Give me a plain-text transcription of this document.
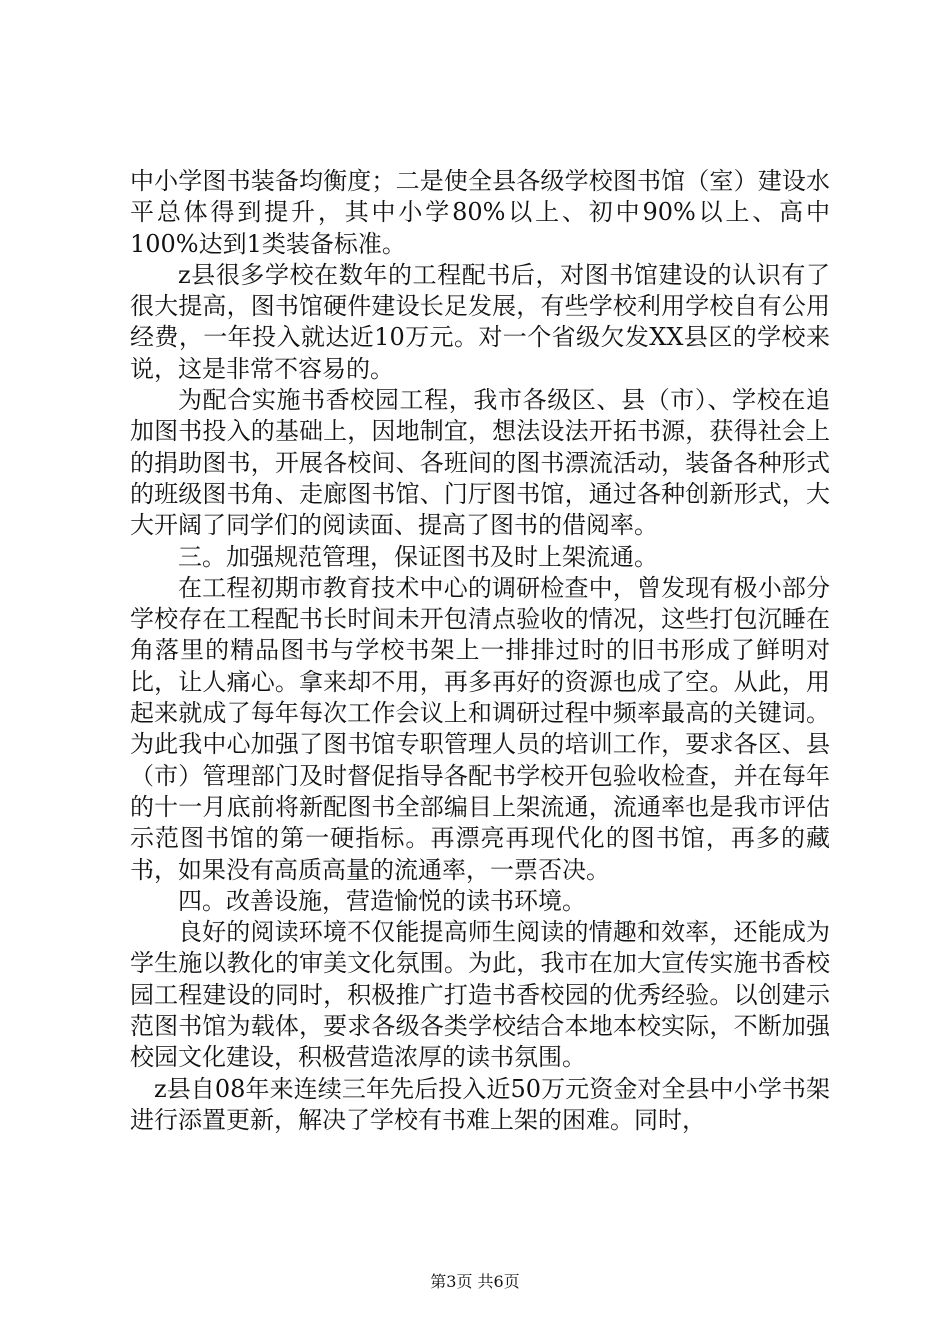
中小学图书装备均衡度；二是使全县各级学校图书馆（室）建设水平总体得到提升，其中小学80%以上、初中90%以上、高中100%达到1类装备标准。

z县很多学校在数年的工程配书后，对图书馆建设的认识有了很大提高，图书馆硬件建设长足发展，有些学校利用学校自有公用经费，一年投入就达近10万元。对一个省级欠发XX县区的学校来说，这是非常不容易的。

为配合实施书香校园工程，我市各级区、县（市）、学校在追加图书投入的基础上，因地制宜，想法设法开拓书源，获得社会上的捐助图书，开展各校间、各班间的图书漂流活动，装备各种形式的班级图书角、走廊图书馆、门厅图书馆，通过各种创新形式，大大开阔了同学们的阅读面、提高了图书的借阅率。

三。加强规范管理，保证图书及时上架流通。

在工程初期市教育技术中心的调研检查中，曾发现有极小部分学校存在工程配书长时间未开包清点验收的情况，这些打包沉睡在角落里的精品图书与学校书架上一排排过时的旧书形成了鲜明对比，让人痛心。拿来却不用，再多再好的资源也成了空。从此，用起来就成了每年每次工作会议上和调研过程中频率最高的关键词。为此我中心加强了图书馆专职管理人员的培训工作，要求各区、县（市）管理部门及时督促指导各配书学校开包验收检查，并在每年的十一月底前将新配图书全部编目上架流通，流通率也是我市评估示范图书馆的第一硬指标。再漂亮再现代化的图书馆，再多的藏书，如果没有高质高量的流通率，一票否决。

四。改善设施，营造愉悦的读书环境。

良好的阅读环境不仅能提高师生阅读的情趣和效率，还能成为学生施以教化的审美文化氛围。为此，我市在加大宣传实施书香校园工程建设的同时，积极推广打造书香校园的优秀经验。以创建示范图书馆为载体，要求各级各类学校结合本地本校实际，不断加强校园文化建设，积极营造浓厚的读书氛围。

z县自08年来连续三年先后投入近50万元资金对全县中小学书架进行添置更新，解决了学校有书难上架的困难。同时，

第3页 共6页
